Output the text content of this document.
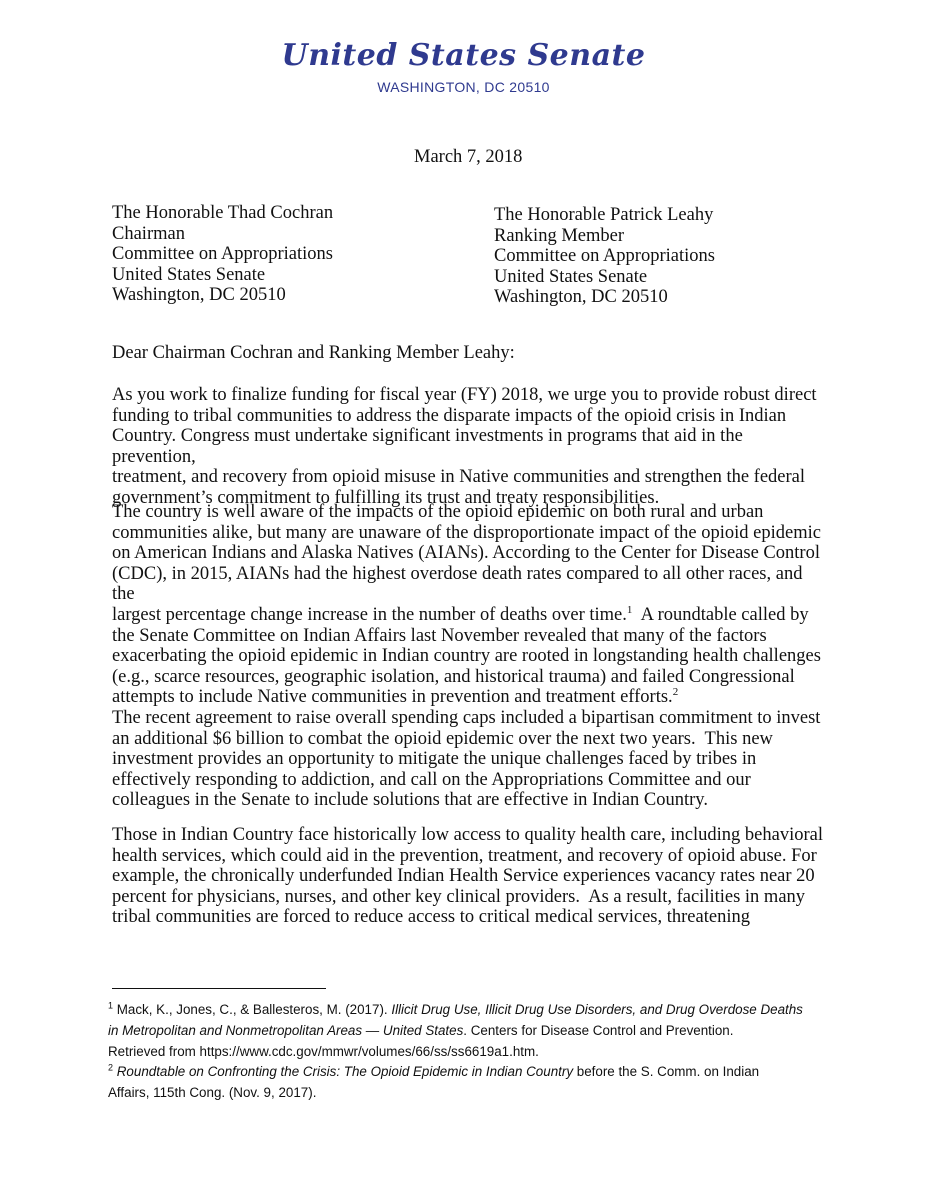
United States Senate
WASHINGTON, DC 20510
March 7, 2018
The Honorable Thad Cochran
Chairman
Committee on Appropriations
United States Senate
Washington, DC 20510
The Honorable Patrick Leahy
Ranking Member
Committee on Appropriations
United States Senate
Washington, DC 20510
Dear Chairman Cochran and Ranking Member Leahy:
As you work to finalize funding for fiscal year (FY) 2018, we urge you to provide robust direct
funding to tribal communities to address the disparate impacts of the opioid crisis in Indian
Country. Congress must undertake significant investments in programs that aid in the prevention,
treatment, and recovery from opioid misuse in Native communities and strengthen the federal
government’s commitment to fulfilling its trust and treaty responsibilities.
The country is well aware of the impacts of the opioid epidemic on both rural and urban
communities alike, but many are unaware of the disproportionate impact of the opioid epidemic
on American Indians and Alaska Natives (AIANs). According to the Center for Disease Control
(CDC), in 2015, AIANs had the highest overdose death rates compared to all other races, and the
largest percentage change increase in the number of deaths over time.$^1$  A roundtable called by
the Senate Committee on Indian Affairs last November revealed that many of the factors
exacerbating the opioid epidemic in Indian country are rooted in longstanding health challenges
(e.g., scarce resources, geographic isolation, and historical trauma) and failed Congressional
attempts to include Native communities in prevention and treatment efforts.$^2$
The recent agreement to raise overall spending caps included a bipartisan commitment to invest
an additional $6 billion to combat the opioid epidemic over the next two years.  This new
investment provides an opportunity to mitigate the unique challenges faced by tribes in
effectively responding to addiction, and call on the Appropriations Committee and our
colleagues in the Senate to include solutions that are effective in Indian Country.
Those in Indian Country face historically low access to quality health care, including behavioral
health services, which could aid in the prevention, treatment, and recovery of opioid abuse. For
example, the chronically underfunded Indian Health Service experiences vacancy rates near 20
percent for physicians, nurses, and other key clinical providers.  As a result, facilities in many
tribal communities are forced to reduce access to critical medical services, threatening
$^1$ Mack, K., Jones, C., & Ballesteros, M. (2017). Illicit Drug Use, Illicit Drug Use Disorders, and Drug Overdose Deaths
in Metropolitan and Nonmetropolitan Areas — United States. Centers for Disease Control and Prevention.
Retrieved from https://www.cdc.gov/mmwr/volumes/66/ss/ss6619a1.htm.
$^2$ Roundtable on Confronting the Crisis: The Opioid Epidemic in Indian Country before the S. Comm. on Indian
Affairs, 115th Cong. (Nov. 9, 2017).
